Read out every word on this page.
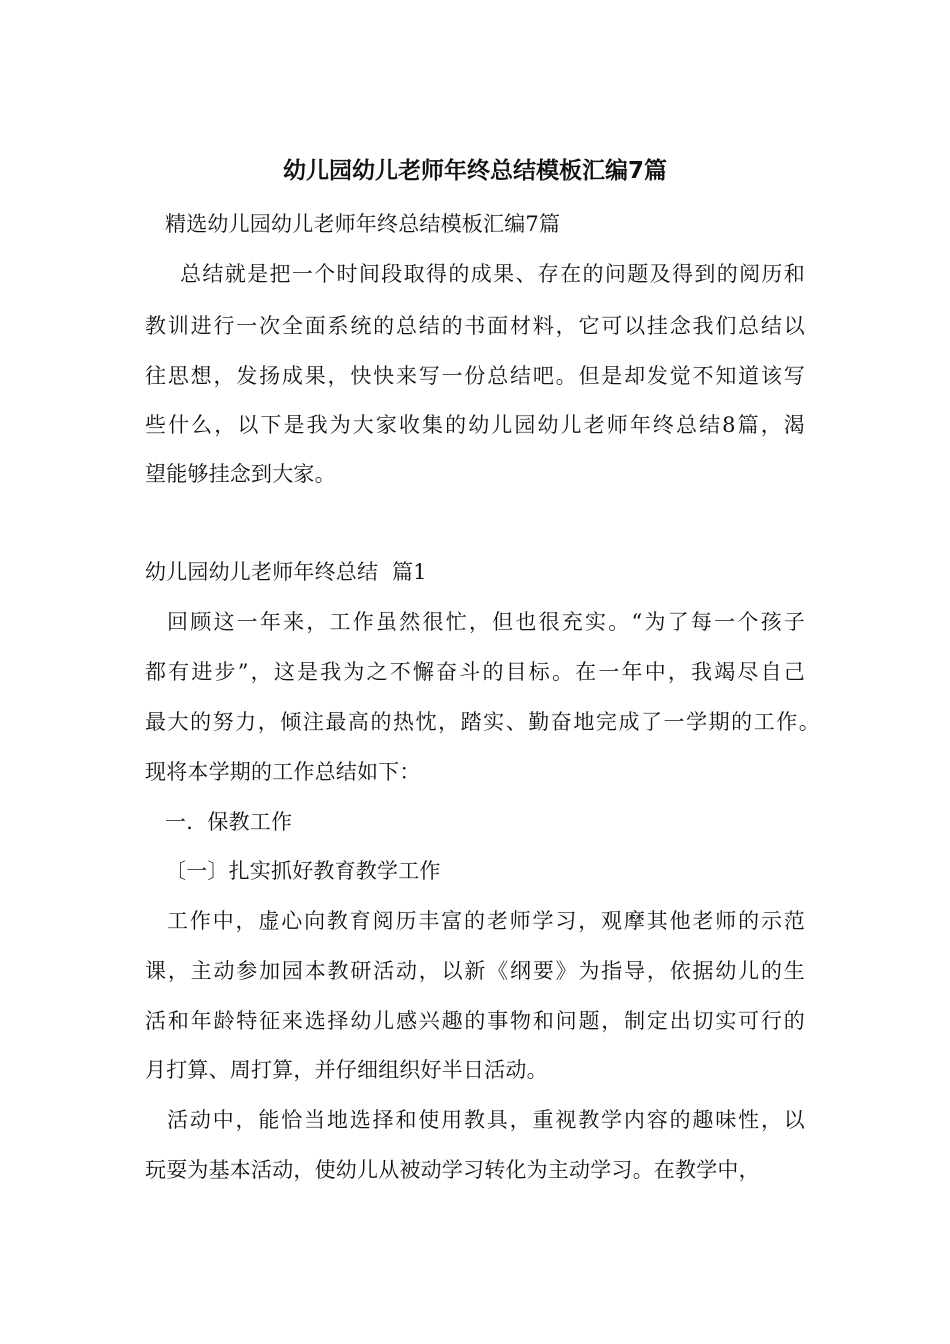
幼儿园幼儿老师年终总结模板汇编7篇
精选幼儿园幼儿老师年终总结模板汇编7篇
总结就是把一个时间段取得的成果、存在的问题及得到的阅历和
教训进行一次全面系统的总结的书面材料，它可以挂念我们总结以
往思想，发扬成果，快快来写一份总结吧。但是却发觉不知道该写
些什么，以下是我为大家收集的幼儿园幼儿老师年终总结8篇，渴
望能够挂念到大家。
幼儿园幼儿老师年终总结  篇1
回顾这一年来，工作虽然很忙，但也很充实。“为了每一个孩子
都有进步”，这是我为之不懈奋斗的目标。在一年中，我竭尽自己
最大的努力，倾注最高的热忱，踏实、勤奋地完成了一学期的工作。
现将本学期的工作总结如下：
一．保教工作
〔一〕扎实抓好教育教学工作
工作中，虚心向教育阅历丰富的老师学习，观摩其他老师的示范
课，主动参加园本教研活动，以新《纲要》为指导，依据幼儿的生
活和年龄特征来选择幼儿感兴趣的事物和问题，制定出切实可行的
月打算、周打算，并仔细组织好半日活动。
活动中，能恰当地选择和使用教具，重视教学内容的趣味性，以
玩耍为基本活动，使幼儿从被动学习转化为主动学习。在教学中，
